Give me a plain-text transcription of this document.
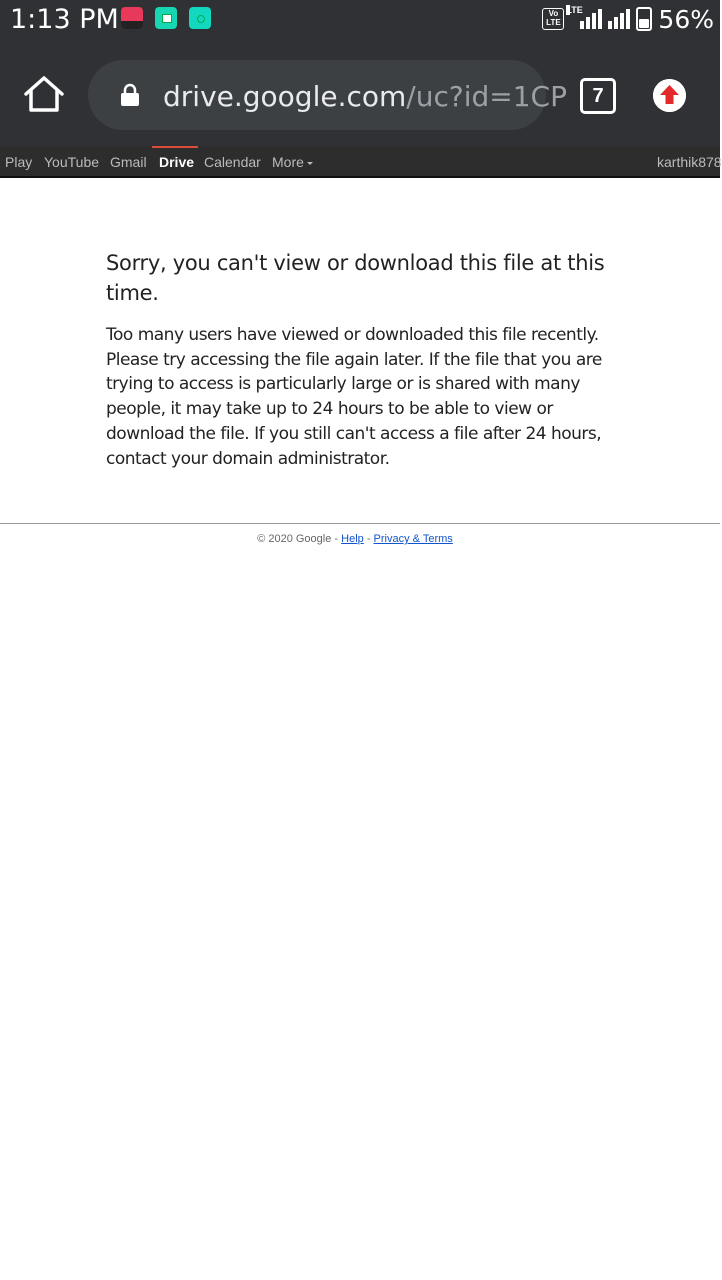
1:13 PM	Vo LTE
LTE	56%
drive.google.com/uc?id=1CP	7
Play YouTube Gmail Drive Calendar More	karthik878
Sorry, you can't view or download this file at this time.
Too many users have viewed or downloaded this file recently. Please try accessing the file again later. If the file that you are trying to access is particularly large or is shared with many people, it may take up to 24 hours to be able to view or download the file. If you still can't access a file after 24 hours, contact your domain administrator.
© 2020 Google - Help - Privacy & Terms
